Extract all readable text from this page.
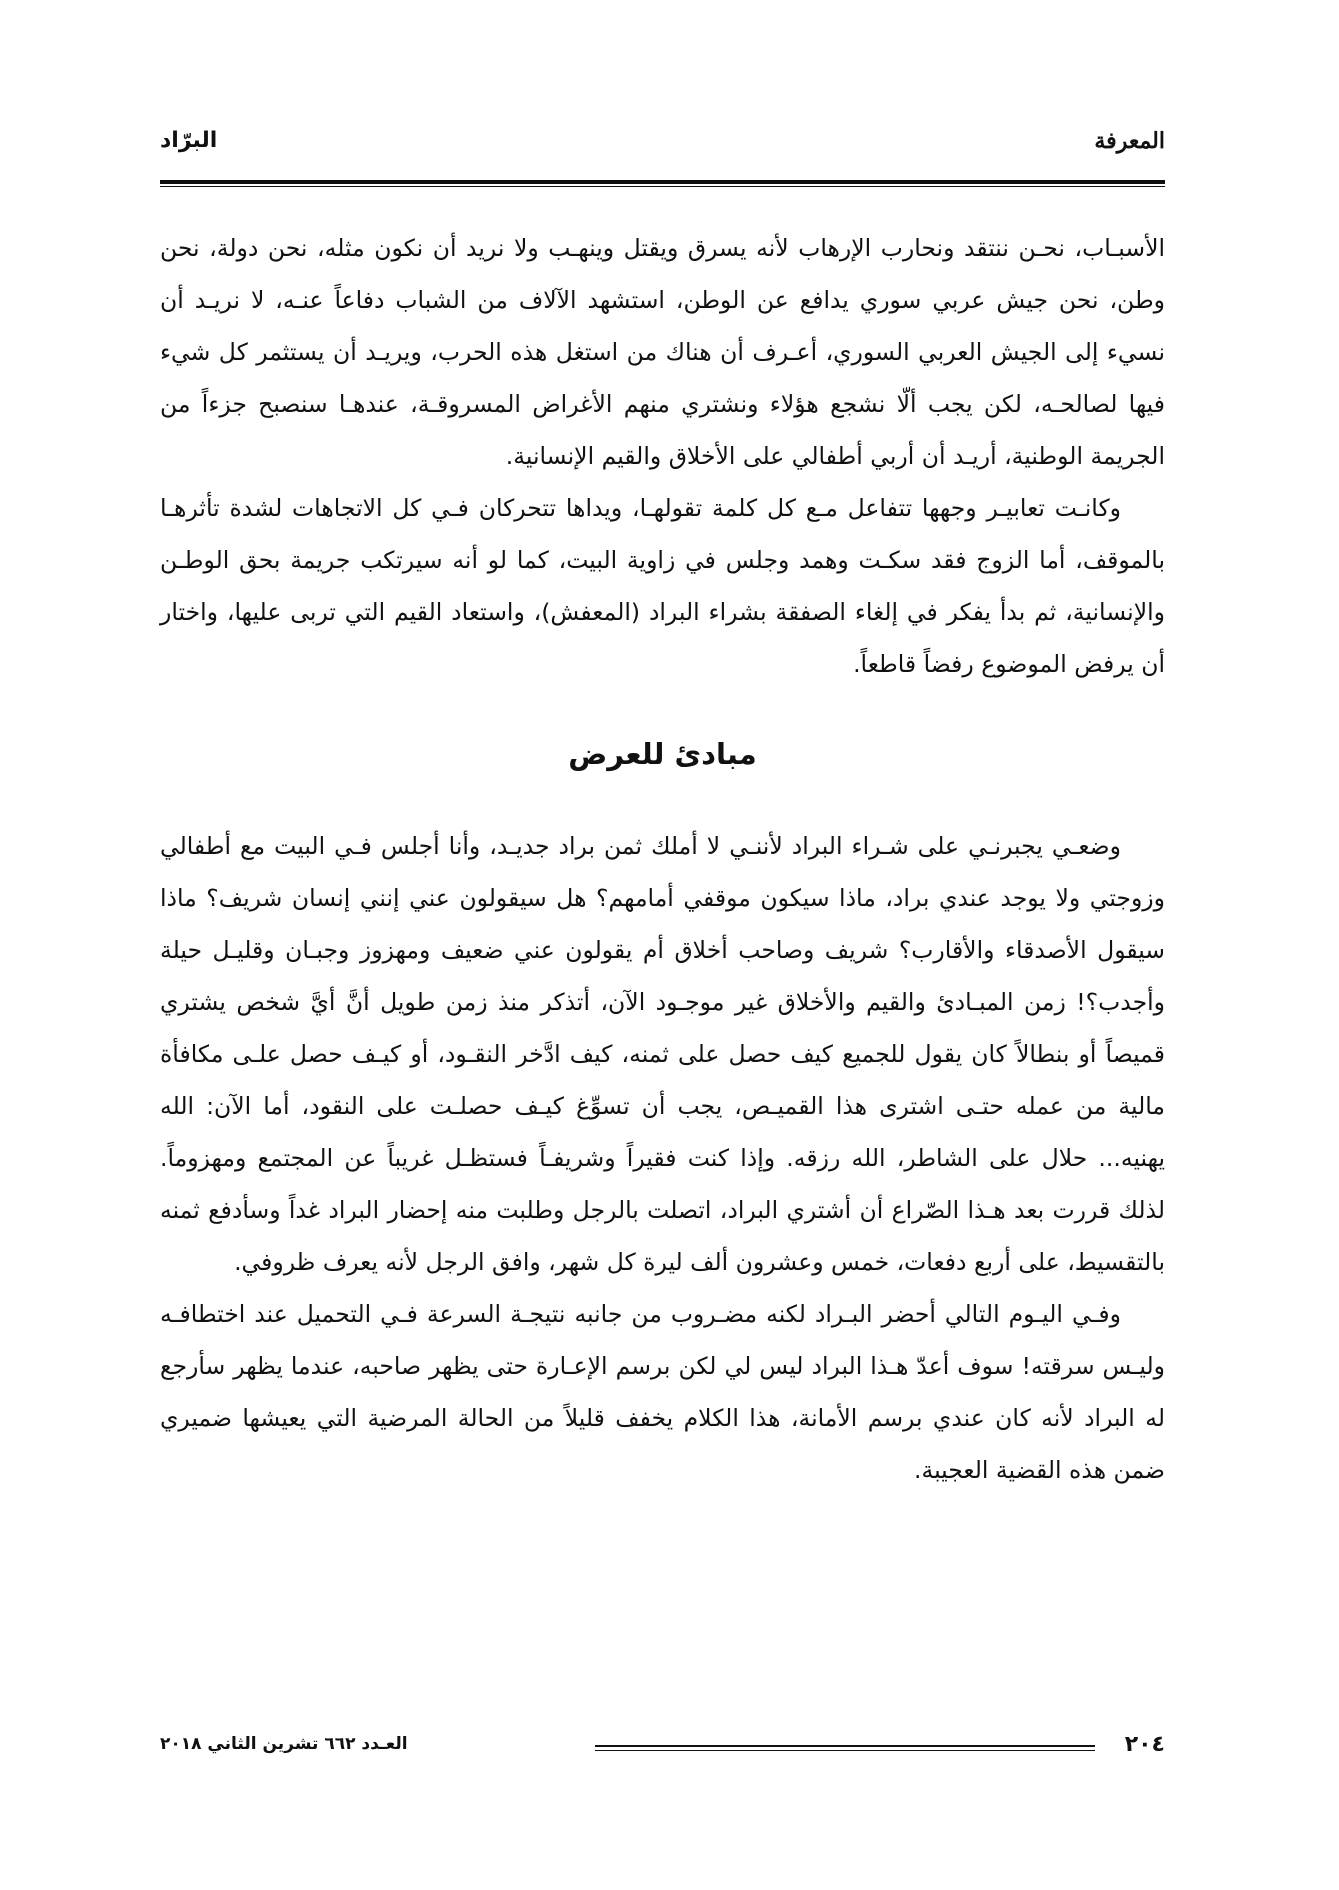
المعرفة
البرّاد

الأسبـاب، نحـن ننتقد ونحارب الإرهاب لأنه يسرق ويقتل وينهـب ولا نريد أن نكون مثله، نحن دولة، نحن وطن، نحن جيش عربي سوري يدافع عن الوطن، استشهد الآلاف من الشباب دفاعاً عنـه، لا نريـد أن نسيء إلى الجيش العربي السوري، أعـرف أن هناك من استغل هذه الحرب، ويريـد أن يستثمر كل شيء فيها لصالحـه، لكن يجب ألّا نشجع هؤلاء ونشتري منهم الأغراض المسروقـة، عندهـا سنصبح جزءاً من الجريمة الوطنية، أريـد أن أربي أطفالي على الأخلاق والقيم الإنسانية.

وكانـت تعابيـر وجهها تتفاعل مـع كل كلمة تقولهـا، ويداها تتحركان فـي كل الاتجاهات لشدة تأثرهـا بالموقف، أما الزوج فقد سكـت وهمد وجلس في زاوية البيت، كما لو أنه سيرتكب جريمة بحق الوطـن والإنسانية، ثم بدأ يفكر في إلغاء الصفقة بشراء البراد (المعفش)، واستعاد القيم التي تربى عليها، واختار أن يرفض الموضوع رفضاً قاطعاً.

مبادئ للعرض

وضعـي يجبرنـي على شـراء البراد لأننـي لا أملك ثمن براد جديـد، وأنا أجلس فـي البيت مع أطفالي وزوجتي ولا يوجد عندي براد، ماذا سيكون موقفي أمامهم؟ هل سيقولون عني إنني إنسان شريف؟ ماذا سيقول الأصدقاء والأقارب؟ شريف وصاحب أخلاق أم يقولون عني ضعيف ومهزوز وجبـان وقليـل حيلة وأجدب؟! زمن المبـادئ والقيم والأخلاق غير موجـود الآن، أتذكر منذ زمن طويل أنَّ أيَّ شخص يشتري قميصاً أو بنطالاً كان يقول للجميع كيف حصل على ثمنه، كيف ادَّخر النقـود، أو كيـف حصل علـى مكافأة مالية من عمله حتـى اشترى هذا القميـص، يجب أن تسوِّغ كيـف حصلـت على النقود، أما الآن: الله يهنيه... حلال على الشاطر، الله رزقه. وإذا كنت فقيراً وشريفـاً فستظـل غريباً عن المجتمع ومهزوماً. لذلك قررت بعد هـذا الصّراع أن أشتري البراد، اتصلت بالرجل وطلبت منه إحضار البراد غداً وسأدفع ثمنه بالتقسيط، على أربع دفعات، خمس وعشرون ألف ليرة كل شهر، وافق الرجل لأنه يعرف ظروفي.

وفـي اليـوم التالي أحضر البـراد لكنه مضـروب من جانبه نتيجـة السرعة فـي التحميل عند اختطافـه وليـس سرقته! سوف أعدّ هـذا البراد ليس لي لكن برسم الإعـارة حتى يظهر صاحبه، عندما يظهر سأرجع له البراد لأنه كان عندي برسم الأمانة، هذا الكلام يخفف قليلاً من الحالة المرضية التي يعيشها ضميري ضمن هذه القضية العجيبة.

٢٠٤
العـدد ٦٦٢ تشرين الثاني ٢٠١٨
